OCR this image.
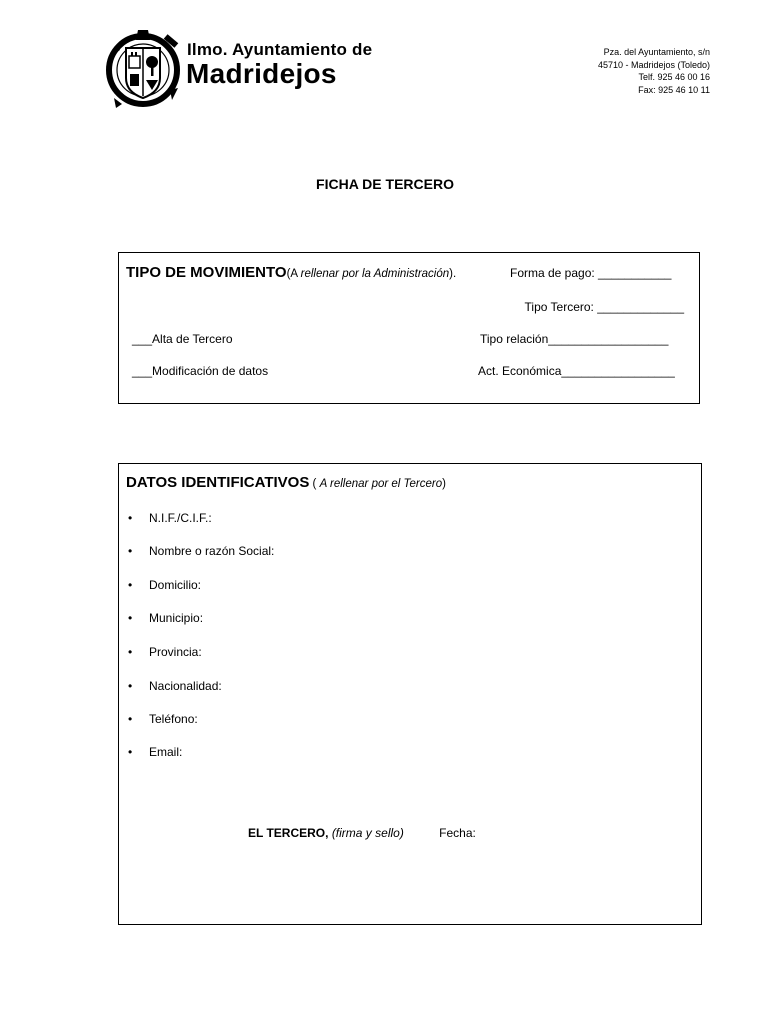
Ilmo. Ayuntamiento de
Madridejos
Pza. del Ayuntamiento, s/n
45710 - Madridejos (Toledo)
Telf. 925 46 00 16
Fax: 925 46 10 11
FICHA DE TERCERO
TIPO DE MOVIMIENTO(A rellenar por la Administración).	Forma de pago: ___________
Tipo Tercero: _____________
___Alta de Tercero	Tipo relación__________________
___Modificación de datos	Act. Económica_________________
DATOS IDENTIFICATIVOS ( A rellenar por el Tercero)
• N.I.F./C.I.F.:
• Nombre o razón Social:
• Domicilio:
• Municipio:
• Provincia:
• Nacionalidad:
• Teléfono:
• Email:
EL TERCERO, (firma y sello)	Fecha:
